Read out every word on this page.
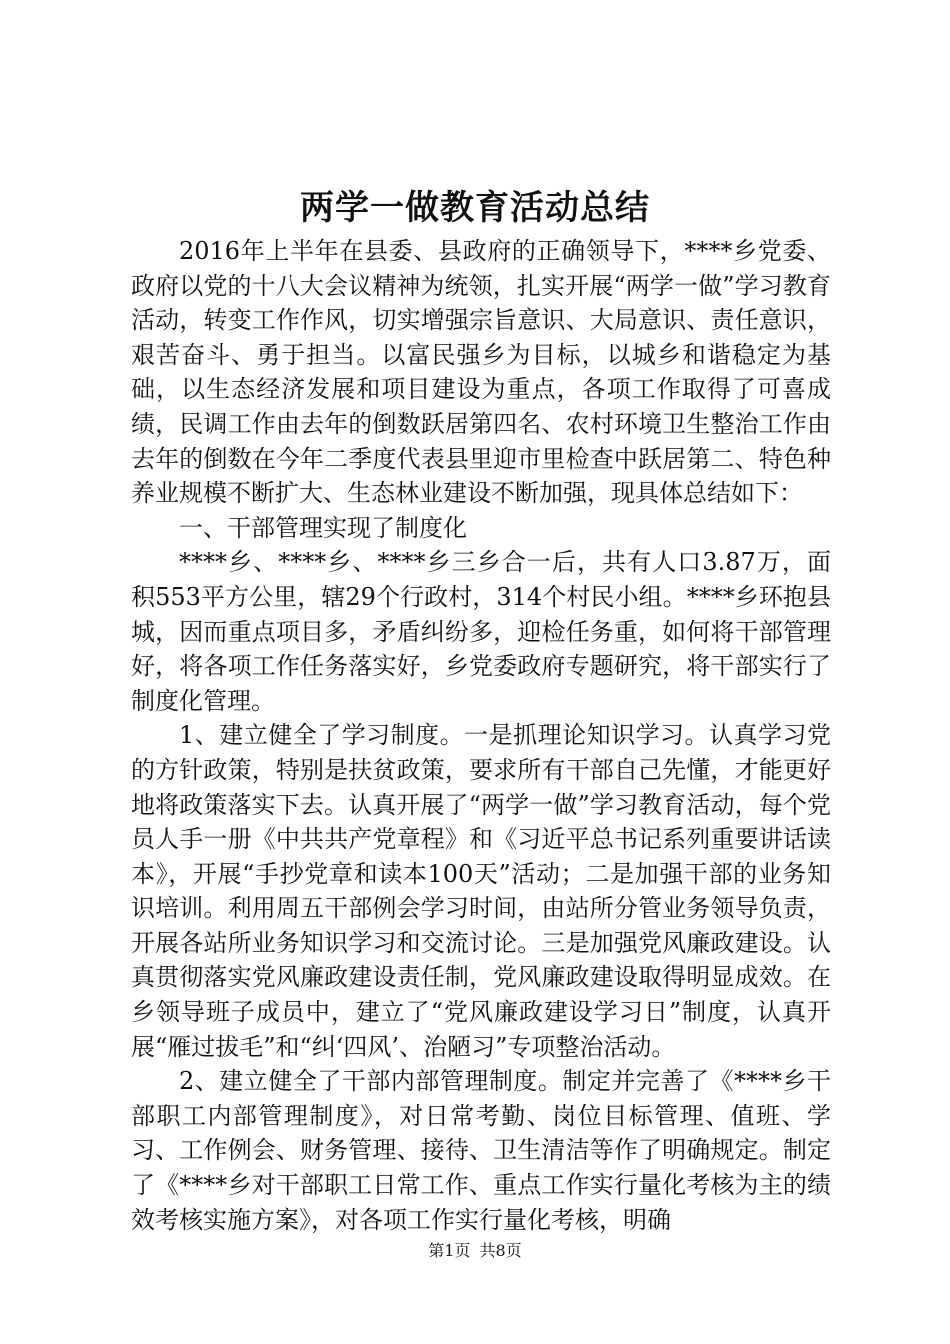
两学一做教育活动总结

2016年上半年在县委、县政府的正确领导下，****乡党委、政府以党的十八大会议精神为统领，扎实开展“两学一做”学习教育活动，转变工作作风，切实增强宗旨意识、大局意识、责任意识，艰苦奋斗、勇于担当。以富民强乡为目标，以城乡和谐稳定为基础，以生态经济发展和项目建设为重点，各项工作取得了可喜成绩，民调工作由去年的倒数跃居第四名、农村环境卫生整治工作由去年的倒数在今年二季度代表县里迎市里检查中跃居第二、特色种养业规模不断扩大、生态林业建设不断加强，现具体总结如下：

一、干部管理实现了制度化

****乡、****乡、****乡三乡合一后，共有人口3.87万，面积553平方公里，辖29个行政村，314个村民小组。****乡环抱县城，因而重点项目多，矛盾纠纷多，迎检任务重，如何将干部管理好，将各项工作任务落实好，乡党委政府专题研究，将干部实行了制度化管理。

1、建立健全了学习制度。一是抓理论知识学习。认真学习党的方针政策，特别是扶贫政策，要求所有干部自己先懂，才能更好地将政策落实下去。认真开展了“两学一做”学习教育活动，每个党员人手一册《中共共产党章程》和《习近平总书记系列重要讲话读本》，开展“手抄党章和读本100天”活动；二是加强干部的业务知识培训。利用周五干部例会学习时间，由站所分管业务领导负责，开展各站所业务知识学习和交流讨论。三是加强党风廉政建设。认真贯彻落实党风廉政建设责任制，党风廉政建设取得明显成效。在乡领导班子成员中，建立了“党风廉政建设学习日”制度，认真开展“雁过拔毛”和“纠‘四风’、治陋习”专项整治活动。

2、建立健全了干部内部管理制度。制定并完善了《****乡干部职工内部管理制度》，对日常考勤、岗位目标管理、值班、学习、工作例会、财务管理、接待、卫生清洁等作了明确规定。制定了《****乡对干部职工日常工作、重点工作实行量化考核为主的绩效考核实施方案》，对各项工作实行量化考核，明确

第1页 共8页
